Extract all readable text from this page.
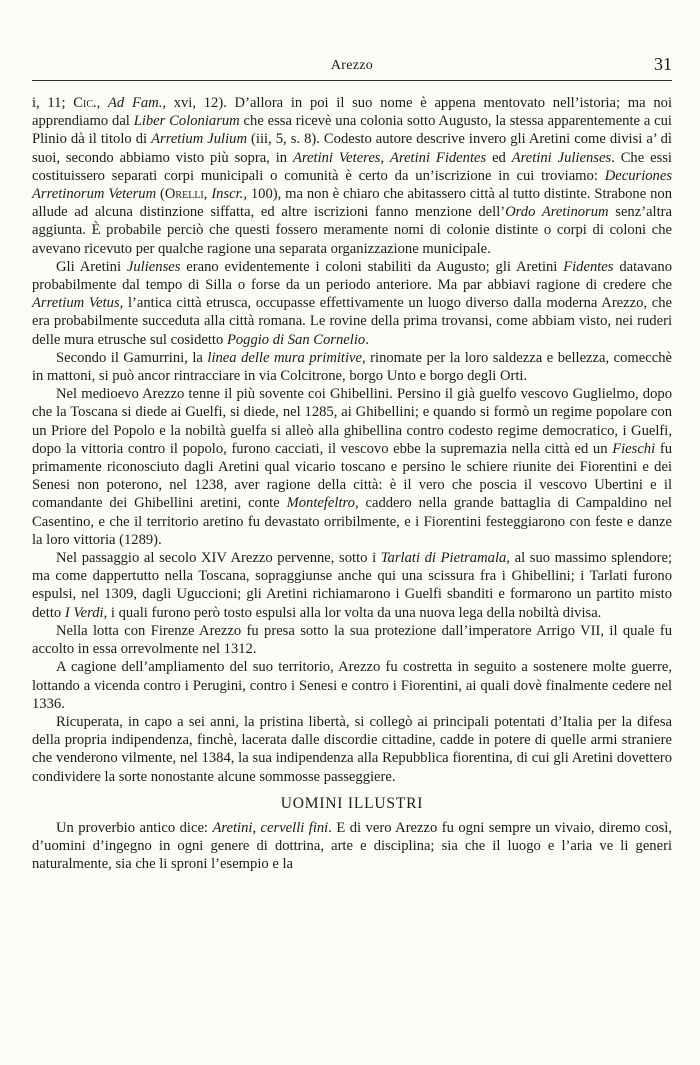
Arezzo	31

i, 11; Cic., Ad Fam., xvi, 12). D’allora in poi il suo nome è appena mentovato nell’istoria; ma noi apprendiamo dal Liber Coloniarum che essa ricevè una colonia sotto Augusto, la stessa apparentemente a cui Plinio dà il titolo di Arretium Julium (iii, 5, s. 8). Codesto autore descrive invero gli Aretini come divisi a’ dì suoi, secondo abbiamo visto più sopra, in Aretini Veteres, Aretini Fidentes ed Aretini Julienses. Che essi costituissero separati corpi municipali o comunità è certo da un’iscrizione in cui troviamo: Decuriones Arretinorum Veterum (Orelli, Inscr., 100), ma non è chiaro che abitassero città al tutto distinte. Strabone non allude ad alcuna distinzione siffatta, ed altre iscrizioni fanno menzione dell’Ordo Aretinorum senz’altra aggiunta. È probabile perciò che questi fossero meramente nomi di colonie distinte o corpi di coloni che avevano ricevuto per qualche ragione una separata organizzazione municipale.

Gli Aretini Julienses erano evidentemente i coloni stabiliti da Augusto; gli Aretini Fidentes datavano probabilmente dal tempo di Silla o forse da un periodo anteriore. Ma par abbiavi ragione di credere che Arretium Vetus, l’antica città etrusca, occupasse effettivamente un luogo diverso dalla moderna Arezzo, che era probabilmente succeduta alla città romana. Le rovine della prima trovansi, come abbiam visto, nei ruderi delle mura etrusche sul cosidetto Poggio di San Cornelio.

Secondo il Gamurrini, la linea delle mura primitive, rinomate per la loro saldezza e bellezza, comecchè in mattoni, si può ancor rintracciare in via Colcitrone, borgo Unto e borgo degli Orti.

Nel medioevo Arezzo tenne il più sovente coi Ghibellini. Persino il già guelfo vescovo Guglielmo, dopo che la Toscana si diede ai Guelfi, si diede, nel 1285, ai Ghibellini; e quando si formò un regime popolare con un Priore del Popolo e la nobiltà guelfa si alleò alla ghibellina contro codesto regime democratico, i Guelfi, dopo la vittoria contro il popolo, furono cacciati, il vescovo ebbe la supremazia nella città ed un Fieschi fu primamente riconosciuto dagli Aretini qual vicario toscano e persino le schiere riunite dei Fiorentini e dei Senesi non poterono, nel 1238, aver ragione della città: è il vero che poscia il vescovo Ubertini e il comandante dei Ghibellini aretini, conte Montefeltro, caddero nella grande battaglia di Campaldino nel Casentino, e che il territorio aretino fu devastato orribilmente, e i Fiorentini festeggiarono con feste e danze la loro vittoria (1289).

Nel passaggio al secolo XIV Arezzo pervenne, sotto i Tarlati di Pietramala, al suo massimo splendore; ma come dappertutto nella Toscana, sopraggiunse anche qui una scissura fra i Ghibellini; i Tarlati furono espulsi, nel 1309, dagli Uguccioni; gli Aretini richiamarono i Guelfi sbanditi e formarono un partito misto detto I Verdi, i quali furono però tosto espulsi alla lor volta da una nuova lega della nobiltà divisa.

Nella lotta con Firenze Arezzo fu presa sotto la sua protezione dall’imperatore Arrigo VII, il quale fu accolto in essa orrevolmente nel 1312.

A cagione dell’ampliamento del suo territorio, Arezzo fu costretta in seguito a sostenere molte guerre, lottando a vicenda contro i Perugini, contro i Senesi e contro i Fiorentini, ai quali dovè finalmente cedere nel 1336.

Ricuperata, in capo a sei anni, la pristina libertà, si collegò ai principali potentati d’Italia per la difesa della propria indipendenza, finchè, lacerata dalle discordie cittadine, cadde in potere di quelle armi straniere che venderono vilmente, nel 1384, la sua indipendenza alla Repubblica fiorentina, di cui gli Aretini dovettero condividere la sorte nonostante alcune sommosse passeggiere.

UOMINI ILLUSTRI

Un proverbio antico dice: Aretini, cervelli fini. E di vero Arezzo fu ogni sempre un vivaio, diremo così, d’uomini d’ingegno in ogni genere di dottrina, arte e disciplina; sia che il luogo e l’aria ve li generi naturalmente, sia che li sproni l’esempio e la
